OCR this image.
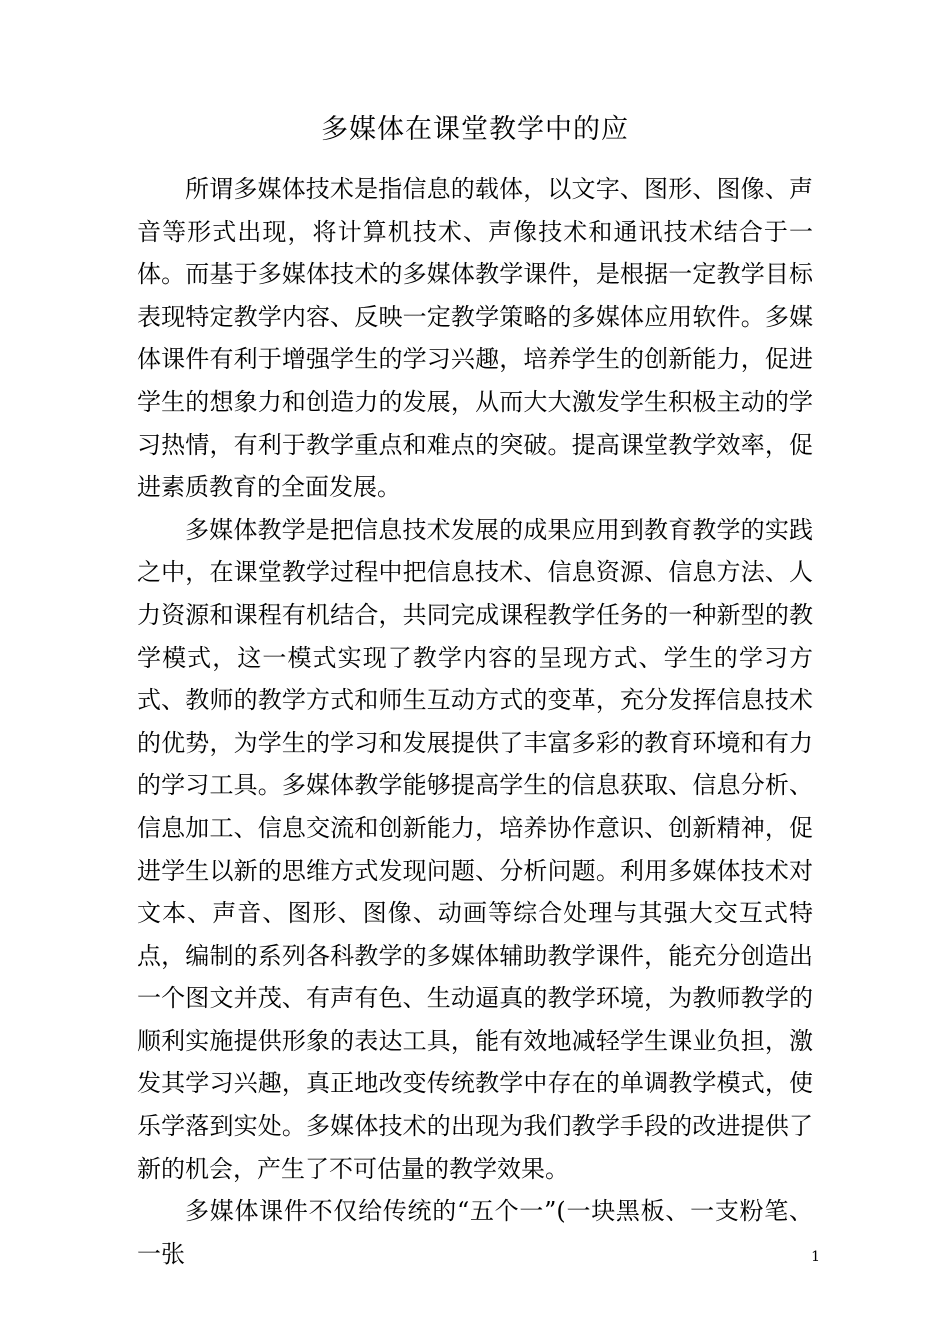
多媒体在课堂教学中的应

所谓多媒体技术是指信息的载体，以文字、图形、图像、声音等形式出现，将计算机技术、声像技术和通讯技术结合于一体。而基于多媒体技术的多媒体教学课件，是根据一定教学目标表现特定教学内容、反映一定教学策略的多媒体应用软件。多媒体课件有利于增强学生的学习兴趣，培养学生的创新能力，促进学生的想象力和创造力的发展，从而大大激发学生积极主动的学习热情，有利于教学重点和难点的突破。提高课堂教学效率，促进素质教育的全面发展。

多媒体教学是把信息技术发展的成果应用到教育教学的实践之中，在课堂教学过程中把信息技术、信息资源、信息方法、人力资源和课程有机结合，共同完成课程教学任务的一种新型的教学模式，这一模式实现了教学内容的呈现方式、学生的学习方式、教师的教学方式和师生互动方式的变革，充分发挥信息技术的优势，为学生的学习和发展提供了丰富多彩的教育环境和有力的学习工具。多媒体教学能够提高学生的信息获取、信息分析、信息加工、信息交流和创新能力，培养协作意识、创新精神，促进学生以新的思维方式发现问题、分析问题。利用多媒体技术对文本、声音、图形、图像、动画等综合处理与其强大交互式特点，编制的系列各科教学的多媒体辅助教学课件，能充分创造出一个图文并茂、有声有色、生动逼真的教学环境，为教师教学的顺利实施提供形象的表达工具，能有效地减轻学生课业负担，激发其学习兴趣，真正地改变传统教学中存在的单调教学模式，使乐学落到实处。多媒体技术的出现为我们教学手段的改进提供了新的机会，产生了不可估量的教学效果。

多媒体课件不仅给传统的“五个一”(一块黑板、一支粉笔、一张	1
